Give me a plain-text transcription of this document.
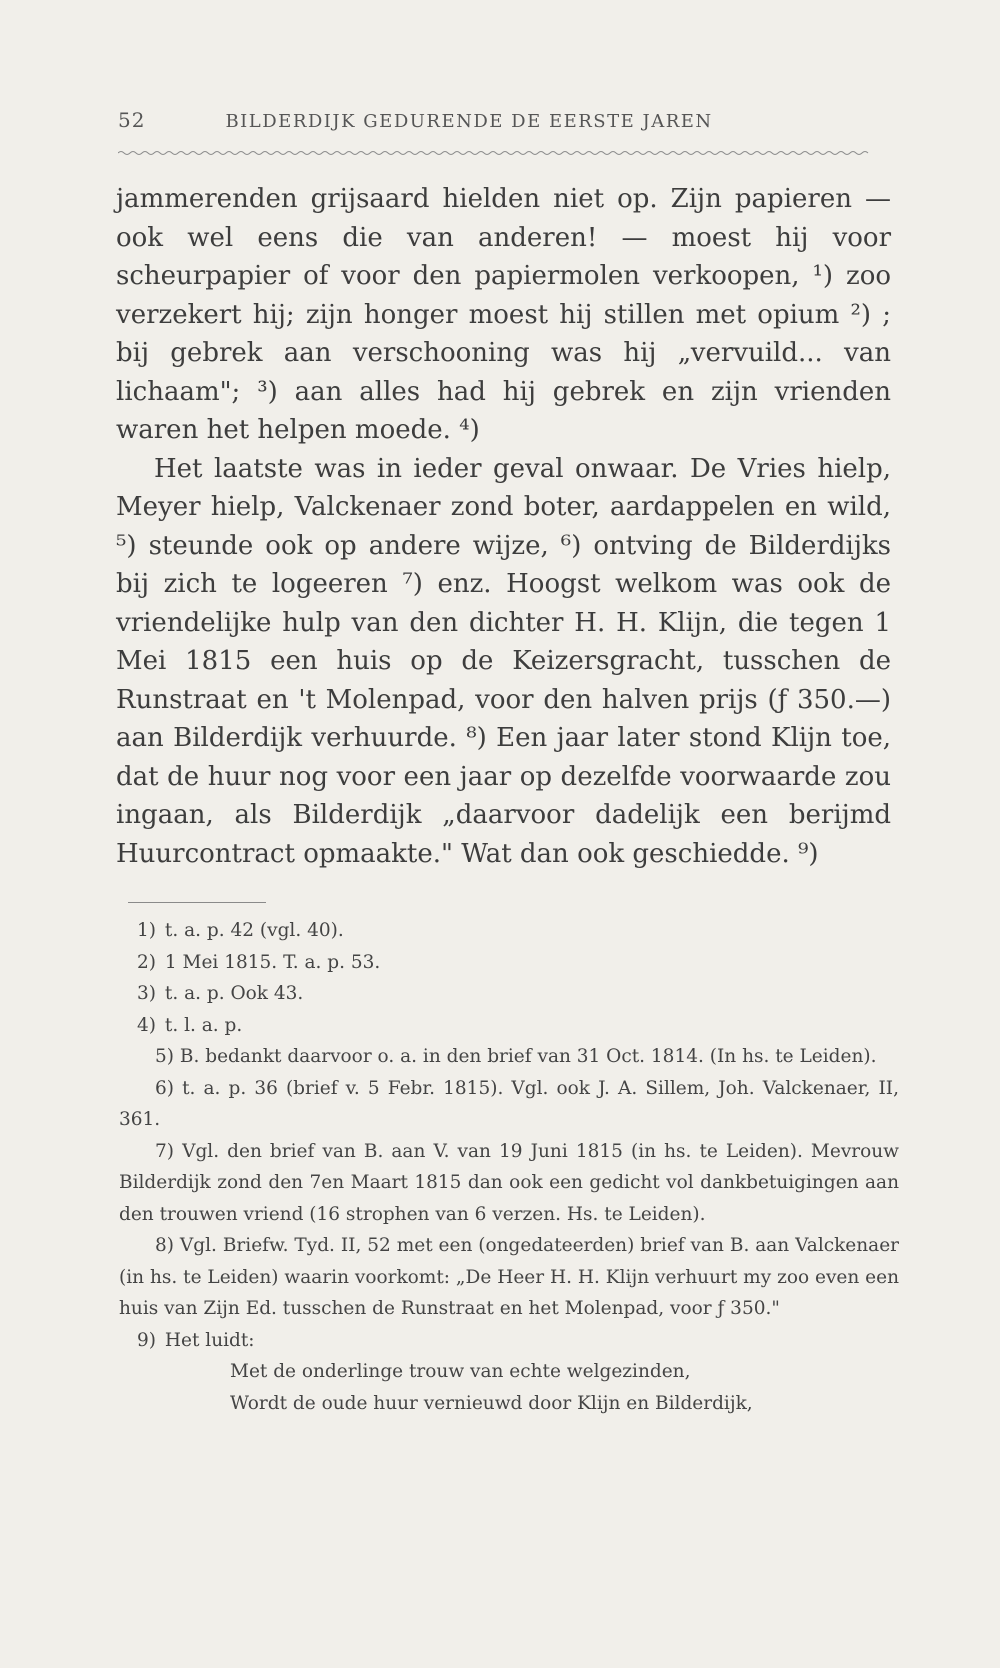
52	BILDERDIJK GEDURENDE DE EERSTE JAREN

jammerenden grijsaard hielden niet op. Zijn papieren — ook wel eens die van anderen! — moest hij voor scheurpapier of voor den papiermolen verkoopen, ¹) zoo verzekert hij; zijn honger moest hij stillen met opium ²) ; bij gebrek aan verschooning was hij „vervuild... van lichaam"; ³) aan alles had hij gebrek en zijn vrienden waren het helpen moede. ⁴)

Het laatste was in ieder geval onwaar. De Vries hielp, Meyer hielp, Valckenaer zond boter, aardappelen en wild, ⁵) steunde ook op andere wijze, ⁶) ontving de Bilderdijks bij zich te logeeren ⁷) enz. Hoogst welkom was ook de vriendelijke hulp van den dichter H. H. Klijn, die tegen 1 Mei 1815 een huis op de Keizersgracht, tusschen de Runstraat en 't Molenpad, voor den halven prijs (ƒ 350.—) aan Bilderdijk verhuurde. ⁸) Een jaar later stond Klijn toe, dat de huur nog voor een jaar op dezelfde voorwaarde zou ingaan, als Bilderdijk „daarvoor dadelijk een berijmd Huurcontract opmaakte." Wat dan ook geschiedde. ⁹)

1) t. a. p. 42 (vgl. 40).

2) 1 Mei 1815. T. a. p. 53.

3) t. a. p. Ook 43.

4) t. l. a. p.

5) B. bedankt daarvoor o. a. in den brief van 31 Oct. 1814. (In hs. te Leiden).

6) t. a. p. 36 (brief v. 5 Febr. 1815). Vgl. ook J. A. Sillem, Joh. Valckenaer, II, 361.

7) Vgl. den brief van B. aan V. van 19 Juni 1815 (in hs. te Leiden). Mevrouw Bilderdijk zond den 7en Maart 1815 dan ook een gedicht vol dankbetuigingen aan den trouwen vriend (16 strophen van 6 verzen. Hs. te Leiden).

8) Vgl. Briefw. Tyd. II, 52 met een (ongedateerden) brief van B. aan Valckenaer (in hs. te Leiden) waarin voorkomt: „De Heer H. H. Klijn verhuurt my zoo even een huis van Zijn Ed. tusschen de Runstraat en het Molenpad, voor ƒ 350."

9) Het luidt:

Met de onderlinge trouw van echte welgezinden,

Wordt de oude huur vernieuwd door Klijn en Bilderdijk,
